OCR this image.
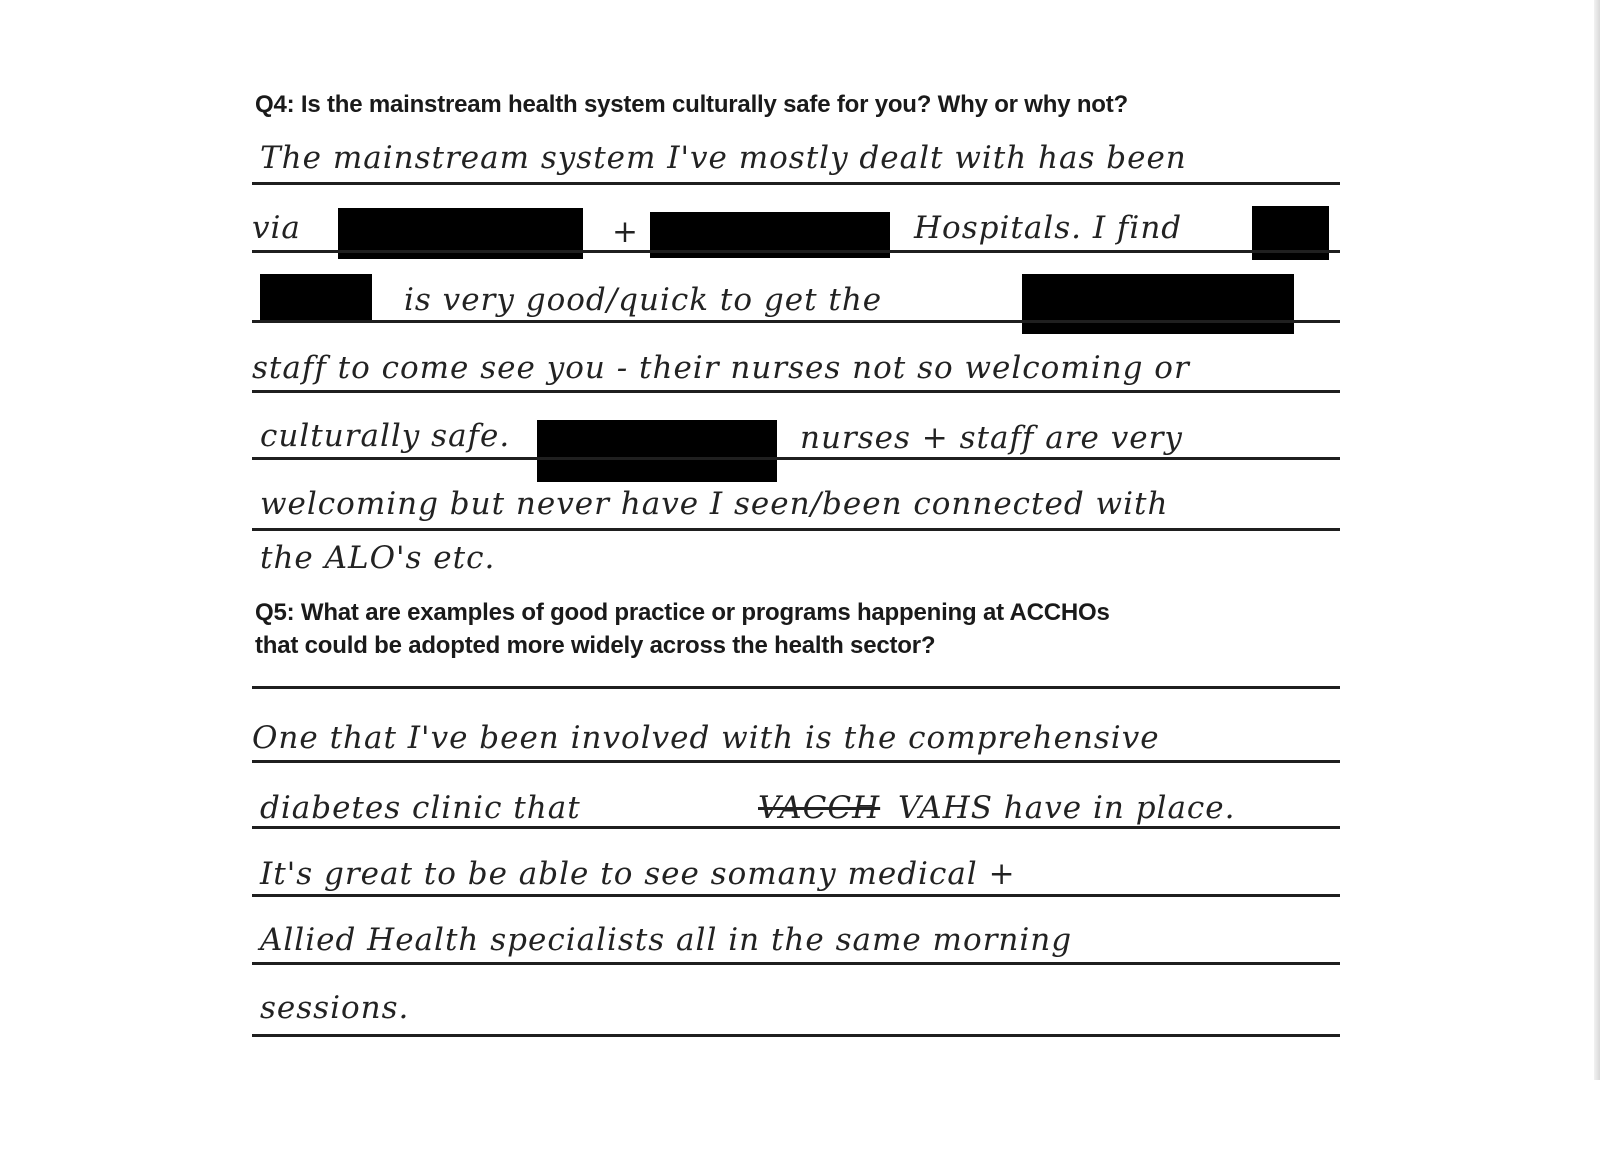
Q4: Is the mainstream health system culturally safe for you? Why or why not?

The mainstream system I've mostly dealt with has been
via	+	Hospitals. I find
is very good/quick to get the
staff to come see you - their nurses not so welcoming or
culturally safe.	nurses + staff are very
welcoming but never have I seen/been connected with
the ALO's etc.

Q5: What are examples of good practice or programs happening at ACCHOs
that could be adopted more widely across the health sector?

One that I've been involved with is the comprehensive
diabetes clinic that	VACCH VAHS have in place.
It's great to be able to see somany medical +
Allied Health specialists all in the same morning
sessions.
